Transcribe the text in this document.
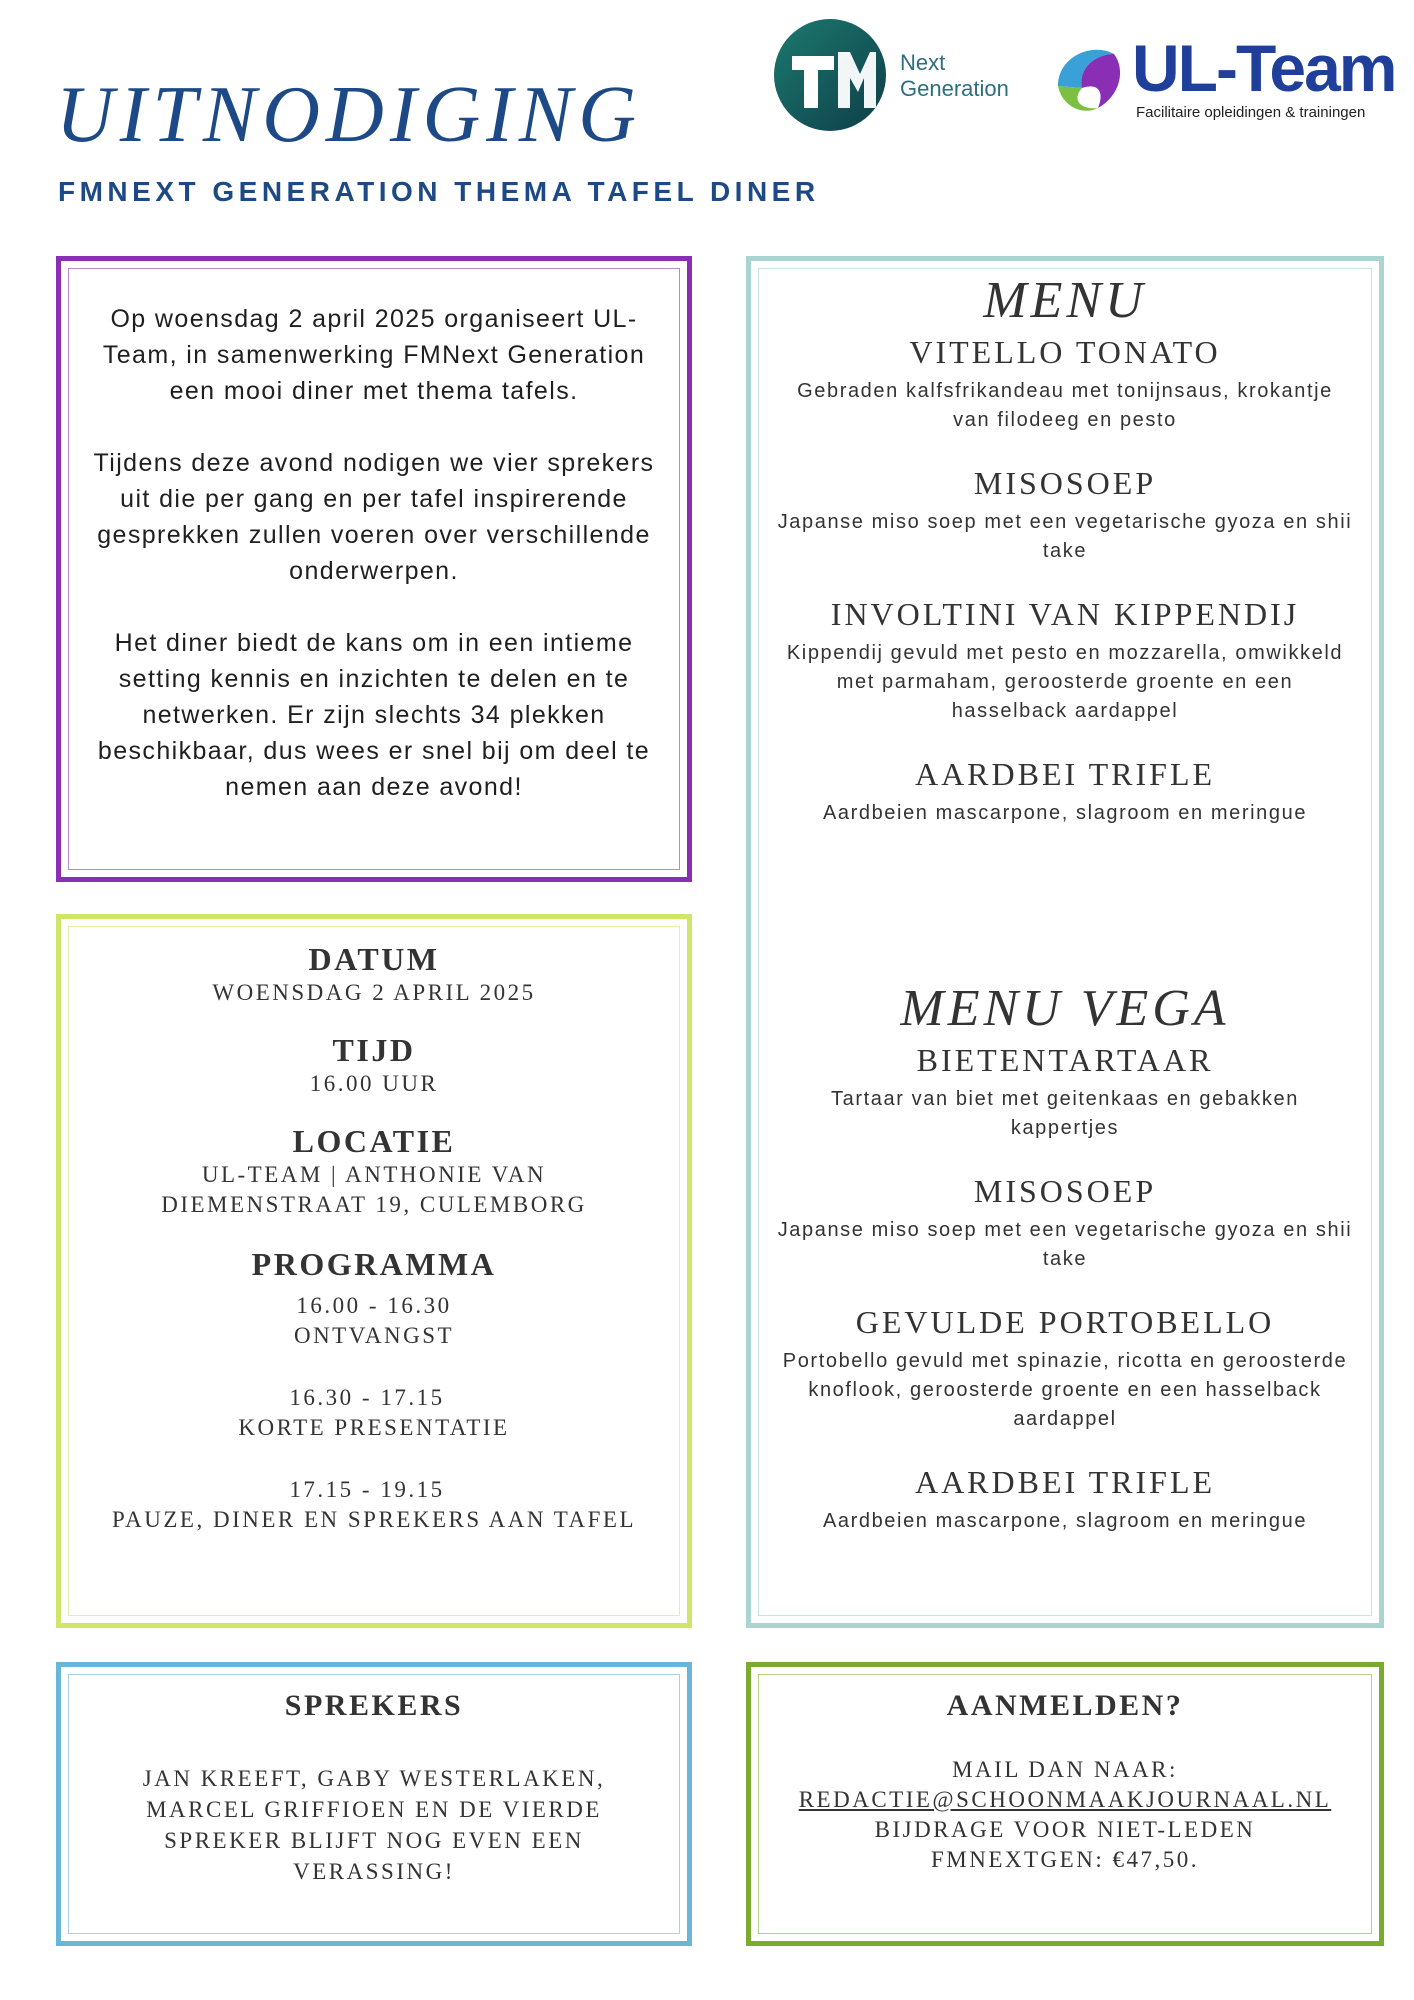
UITNODIGING
FMNEXT GENERATION THEMA TAFEL DINER
Next
Generation UL-Team
Facilitaire opleidingen & trainingen

Op woensdag 2 april 2025 organiseert UL-Team, in samenwerking FMNext Generation een mooi diner met thema tafels.

Tijdens deze avond nodigen we vier sprekers uit die per gang en per tafel inspirerende gesprekken zullen voeren over verschillende onderwerpen.

Het diner biedt de kans om in een intieme setting kennis en inzichten te delen en te netwerken. Er zijn slechts 34 plekken beschikbaar, dus wees er snel bij om deel te nemen aan deze avond!

MENU
VITELLO TONATO
Gebraden kalfsfrikandeau met tonijnsaus, krokantje van filodeeg en pesto
MISOSOEP
Japanse miso soep met een vegetarische gyoza en shii take
INVOLTINI VAN KIPPENDIJ
Kippendij gevuld met pesto en mozzarella, omwikkeld met parmaham, geroosterde groente en een hasselback aardappel
AARDBEI TRIFLE
Aardbeien mascarpone, slagroom en meringue
MENU VEGA
BIETENTARTAAR
Tartaar van biet met geitenkaas en gebakken kappertjes
MISOSOEP
Japanse miso soep met een vegetarische gyoza en shii take
GEVULDE PORTOBELLO
Portobello gevuld met spinazie, ricotta en geroosterde knoflook, geroosterde groente en een hasselback aardappel
AARDBEI TRIFLE
Aardbeien mascarpone, slagroom en meringue
DATUM
WOENSDAG 2 APRIL 2025
TIJD
16.00 UUR
LOCATIE
UL-TEAM | ANTHONIE VAN
DIEMENSTRAAT 19, CULEMBORG
PROGRAMMA
16.00 - 16.30
ONTVANGST
16.30 - 17.15
KORTE PRESENTATIE
17.15 - 19.15
PAUZE, DINER EN SPREKERS AAN TAFEL
SPREKERS
JAN KREEFT, GABY WESTERLAKEN, MARCEL GRIFFIOEN EN DE VIERDE SPREKER BLIJFT NOG EVEN EEN VERASSING!
AANMELDEN?
MAIL DAN NAAR:
REDACTIE@SCHOONMAAKJOURNAAL.NL
BIJDRAGE VOOR NIET-LEDEN
FMNEXTGEN: €47,50.
